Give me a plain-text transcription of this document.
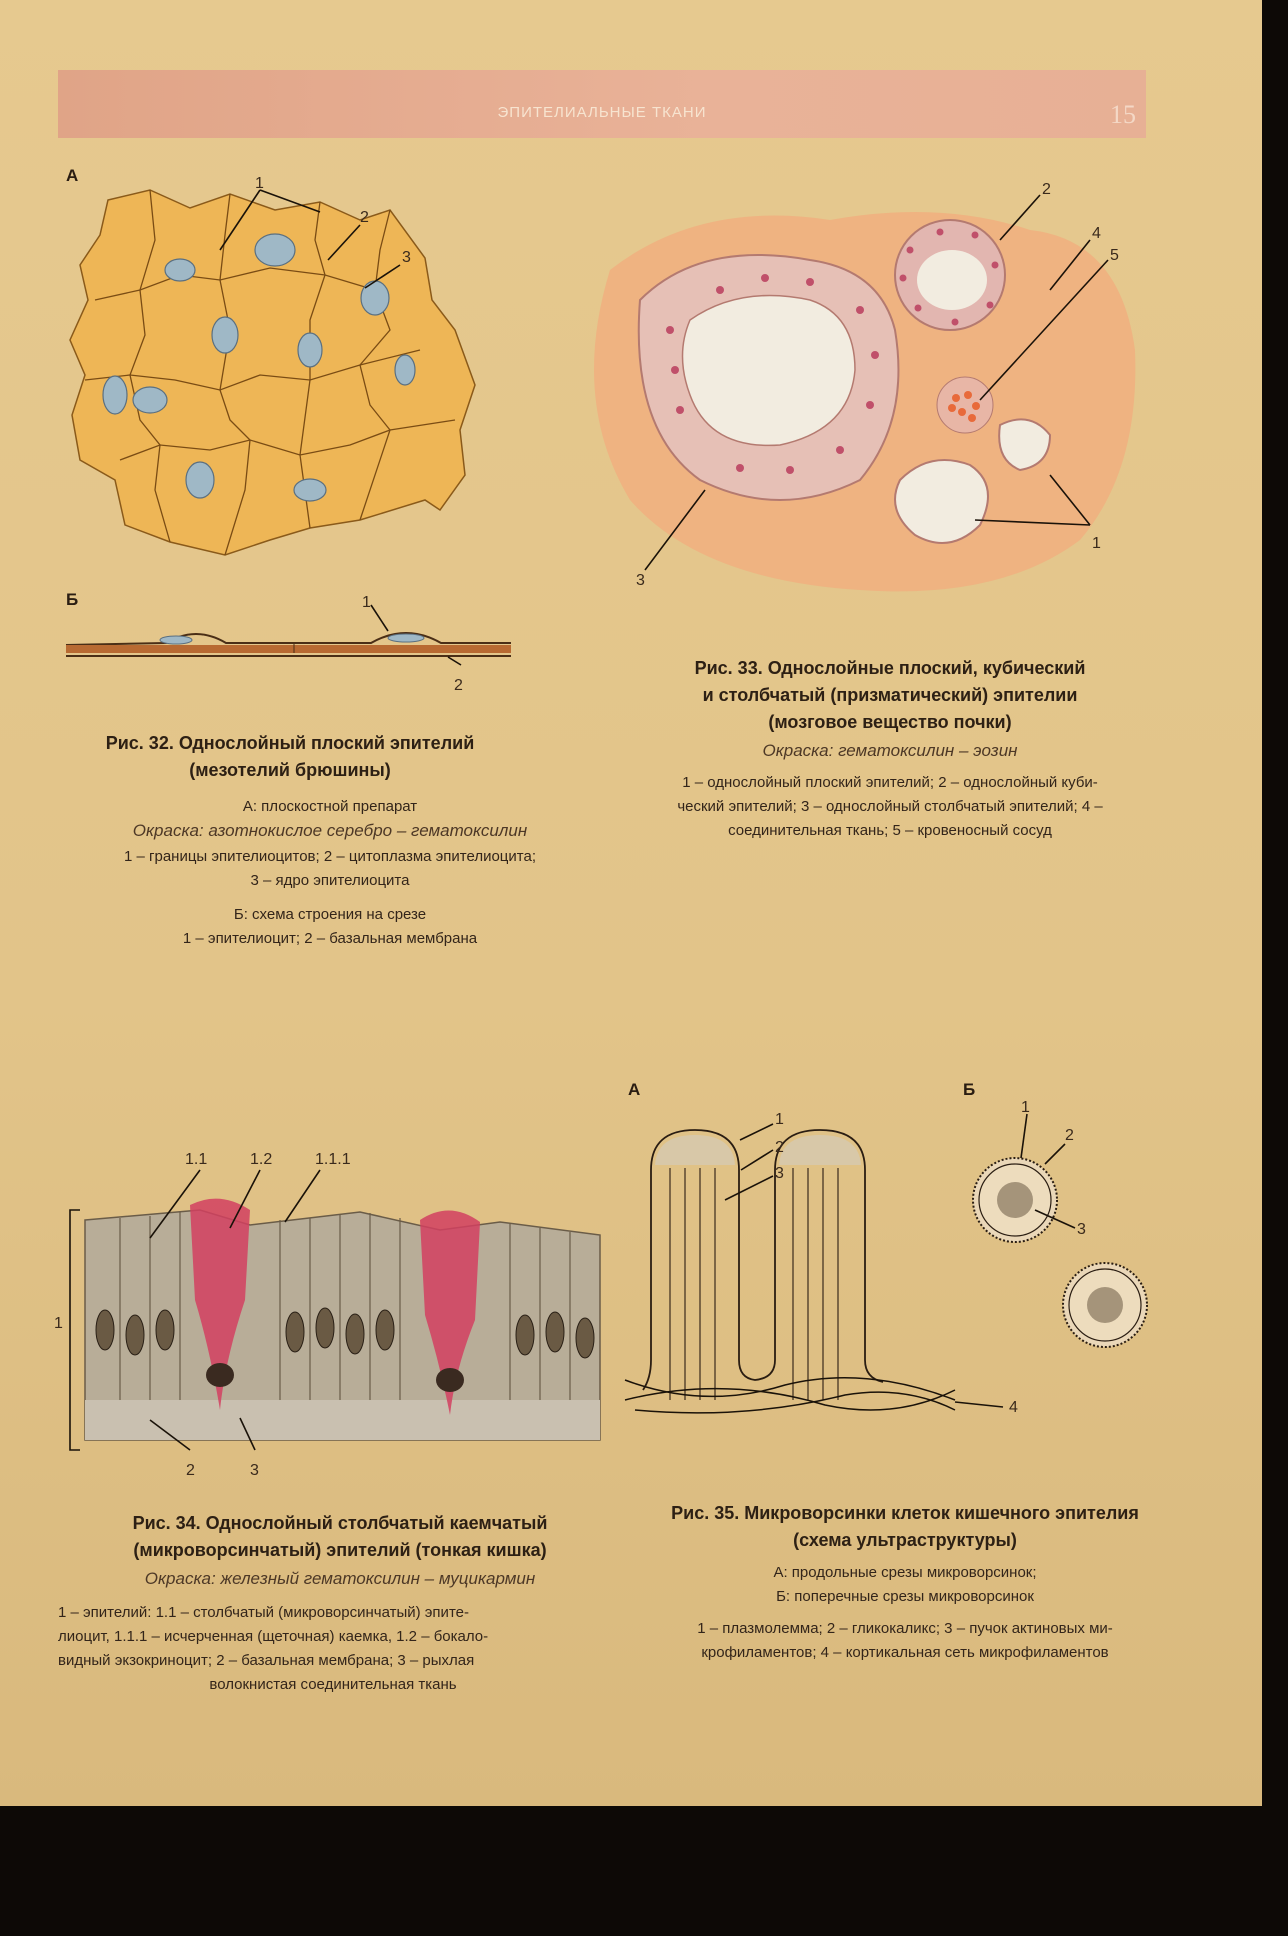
ЭПИТЕЛИАЛЬНЫЕ ТКАНИ	15
А	1
2
3
Б	1
2
Рис. 32. Однослойный плоский эпителий
(мезотелий брюшины)
А: плоскостной препарат
Окраска: азотнокислое серебро – гематоксилин
1 – границы эпителиоцитов; 2 – цитоплазма эпителиоцита;
3 – ядро эпителиоцита
Б: схема строения на срезе
1 – эпителиоцит; 2 – базальная мембрана
2
4
5
1
3
Рис. 33. Однослойные плоский, кубический
и столбчатый (призматический) эпителии
(мозговое вещество почки)
Окраска: гематоксилин – эозин
1 – однослойный плоский эпителий; 2 – однослойный куби-
ческий эпителий; 3 – однослойный столбчатый эпителий; 4 –
соединительная ткань; 5 – кровеносный сосуд
1.1	1.2	1.1.1
1
2	3
Рис. 34. Однослойный столбчатый каемчатый
(микроворсинчатый) эпителий (тонкая кишка)
Окраска: железный гематоксилин – муцикармин
1 – эпителий: 1.1 – столбчатый (микроворсинчатый) эпите-
лиоцит, 1.1.1 – исчерченная (щеточная) каемка, 1.2 – бокало-
видный экзокриноцит; 2 – базальная мембрана; 3 – рыхлая
волокнистая соединительная ткань
А
1
2
3
4
Б
1
2
3
Рис. 35. Микроворсинки клеток кишечного эпителия
(схема ультраструктуры)
А: продольные срезы микроворсинок;
Б: поперечные срезы микроворсинок
1 – плазмолемма; 2 – гликокаликс; 3 – пучок актиновых ми-
крофиламентов; 4 – кортикальная сеть микрофиламентов
